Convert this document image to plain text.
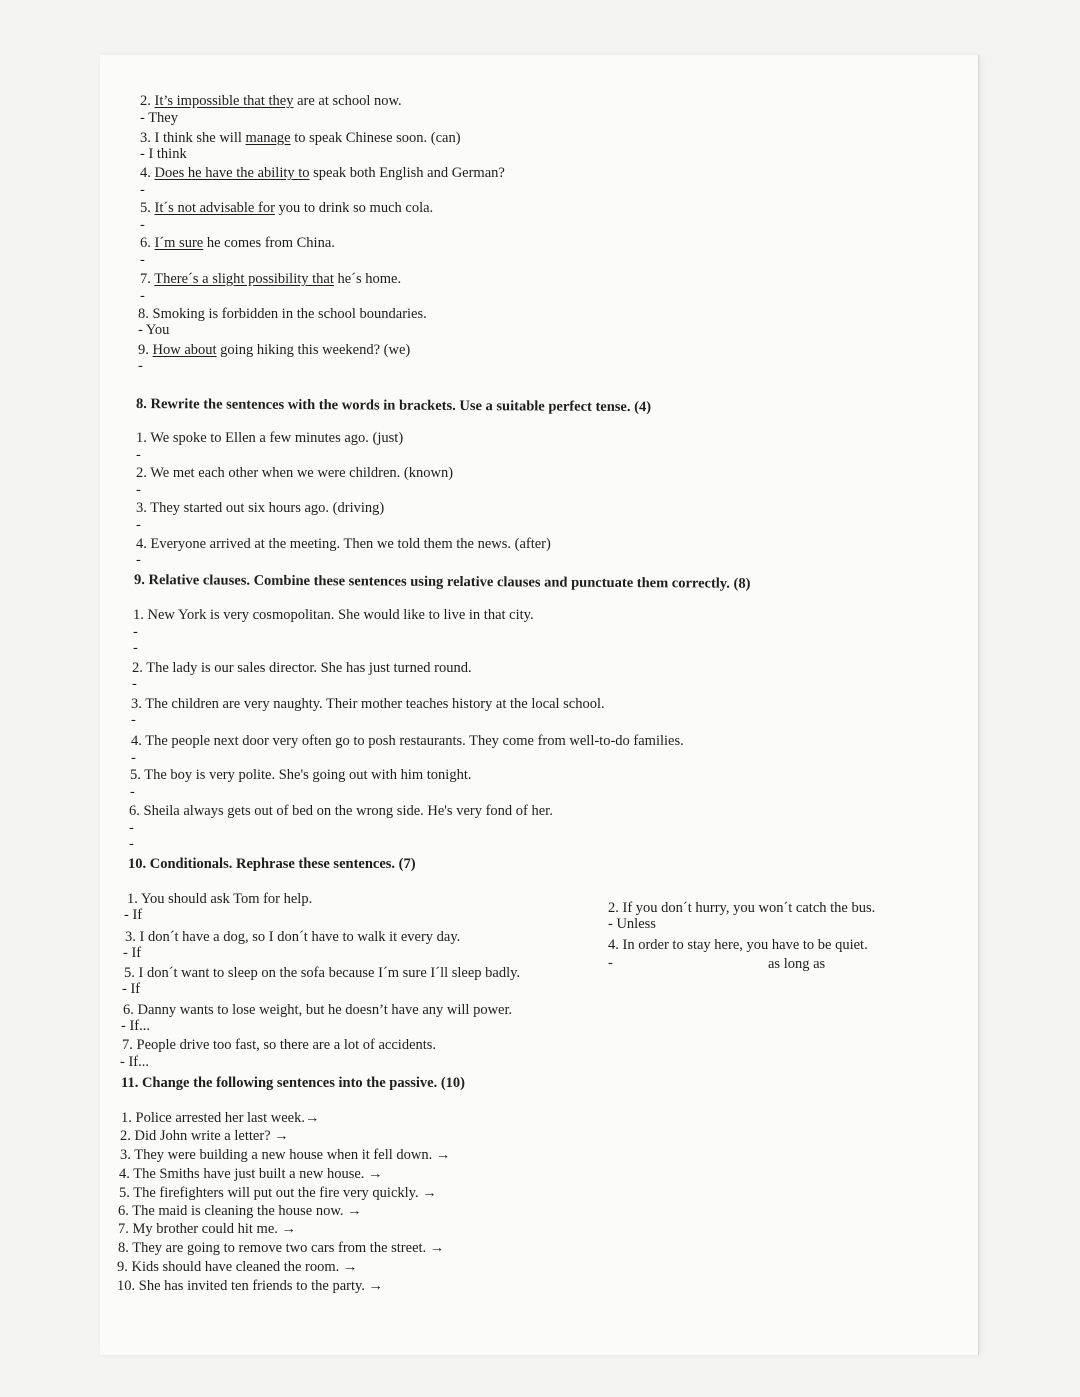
2. It’s impossible that they are at school now.
- They
3. I think she will manage to speak Chinese soon. (can)
- I think
4. Does he have the ability to speak both English and German?
-
5. It´s not advisable for you to drink so much cola.
-
6. I´m sure he comes from China.
-
7. There´s a slight possibility that he´s home.
-
8. Smoking is forbidden in the school boundaries.
- You
9. How about going hiking this weekend? (we)
-
8. Rewrite the sentences with the words in brackets. Use a suitable perfect tense. (4)
1. We spoke to Ellen a few minutes ago. (just)
-
2. We met each other when we were children. (known)
-
3. They started out six hours ago. (driving)
-
4. Everyone arrived at the meeting. Then we told them the news. (after)
-
9. Relative clauses. Combine these sentences using relative clauses and punctuate them correctly. (8)
1. New York is very cosmopolitan. She would like to live in that city.
-
-
2. The lady is our sales director. She has just turned round.
-
3. The children are very naughty. Their mother teaches history at the local school.
-
4. The people next door very often go to posh restaurants. They come from well-to-do families.
-
5. The boy is very polite. She's going out with him tonight.
-
6. Sheila always gets out of bed on the wrong side. He's very fond of her.
-
-
10. Conditionals. Rephrase these sentences. (7)
1. You should ask Tom for help.
- If
3. I don´t have a dog, so I don´t have to walk it every day.
- If
5. I don´t want to sleep on the sofa because I´m sure I´ll sleep badly.
- If
6. Danny wants to lose weight, but he doesn’t have any will power.
- If...
7. People drive too fast, so there are a lot of accidents.
- If...
2. If you don´t hurry, you won´t catch the bus.
- Unless
4. In order to stay here, you have to be quiet.
-	as long as
11. Change the following sentences into the passive. (10)
1. Police arrested her last week.→
2. Did John write a letter? →
3. They were building a new house when it fell down. →
4. The Smiths have just built a new house. →
5. The firefighters will put out the fire very quickly. →
6. The maid is cleaning the house now. →
7. My brother could hit me. →
8. They are going to remove two cars from the street. →
9. Kids should have cleaned the room. →
10. She has invited ten friends to the party. →
